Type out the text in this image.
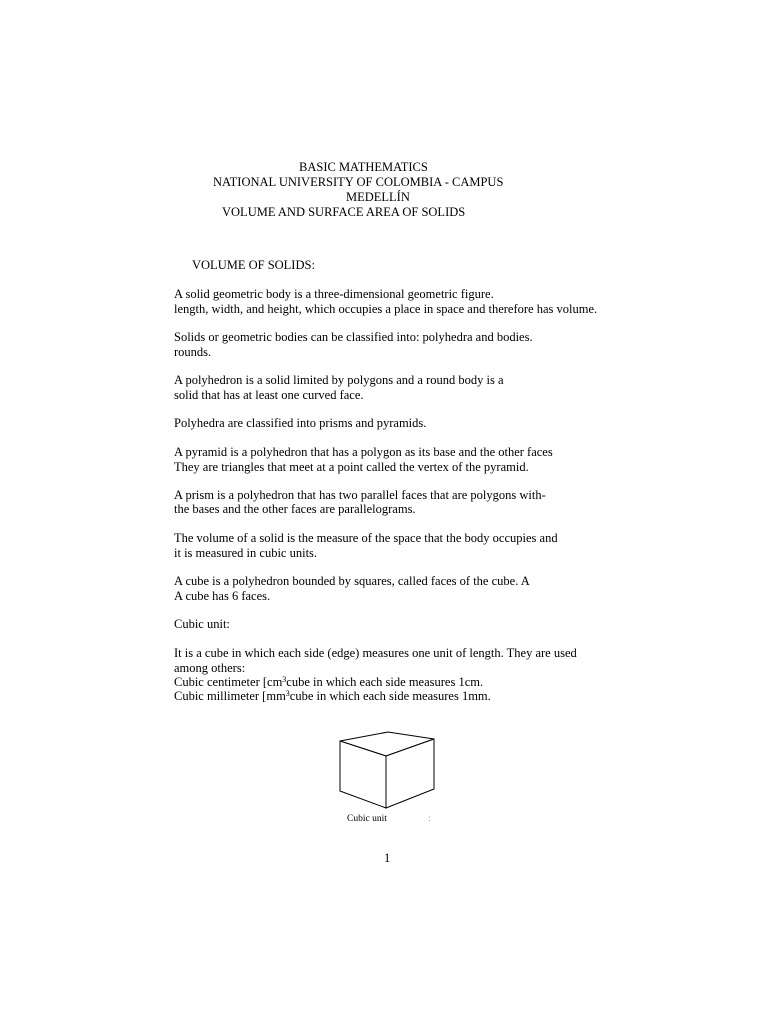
BASIC MATHEMATICS
NATIONAL UNIVERSITY OF COLOMBIA - CAMPUS
MEDELLÍN
VOLUME AND SURFACE AREA OF SOLIDS
VOLUME OF SOLIDS:
A solid geometric body is a three-dimensional geometric figure.
length, width, and height, which occupies a place in space and therefore has volume.
Solids or geometric bodies can be classified into: polyhedra and bodies.
rounds.
A polyhedron is a solid limited by polygons and a round body is a
solid that has at least one curved face.
Polyhedra are classified into prisms and pyramids.
A pyramid is a polyhedron that has a polygon as its base and the other faces
They are triangles that meet at a point called the vertex of the pyramid.
A prism is a polyhedron that has two parallel faces that are polygons with-
the bases and the other faces are parallelograms.
The volume of a solid is the measure of the space that the body occupies and
it is measured in cubic units.
A cube is a polyhedron bounded by squares, called faces of the cube. A
A cube has 6 faces.
Cubic unit:
It is a cube in which each side (edge) measures one unit of length. They are used
among others:
Cubic centimeter [$cm^3cube$ in which each side measures 1cm.
Cubic millimeter [$mm^3cube$ in which each side measures 1mm.
Cubic unit	:
1
